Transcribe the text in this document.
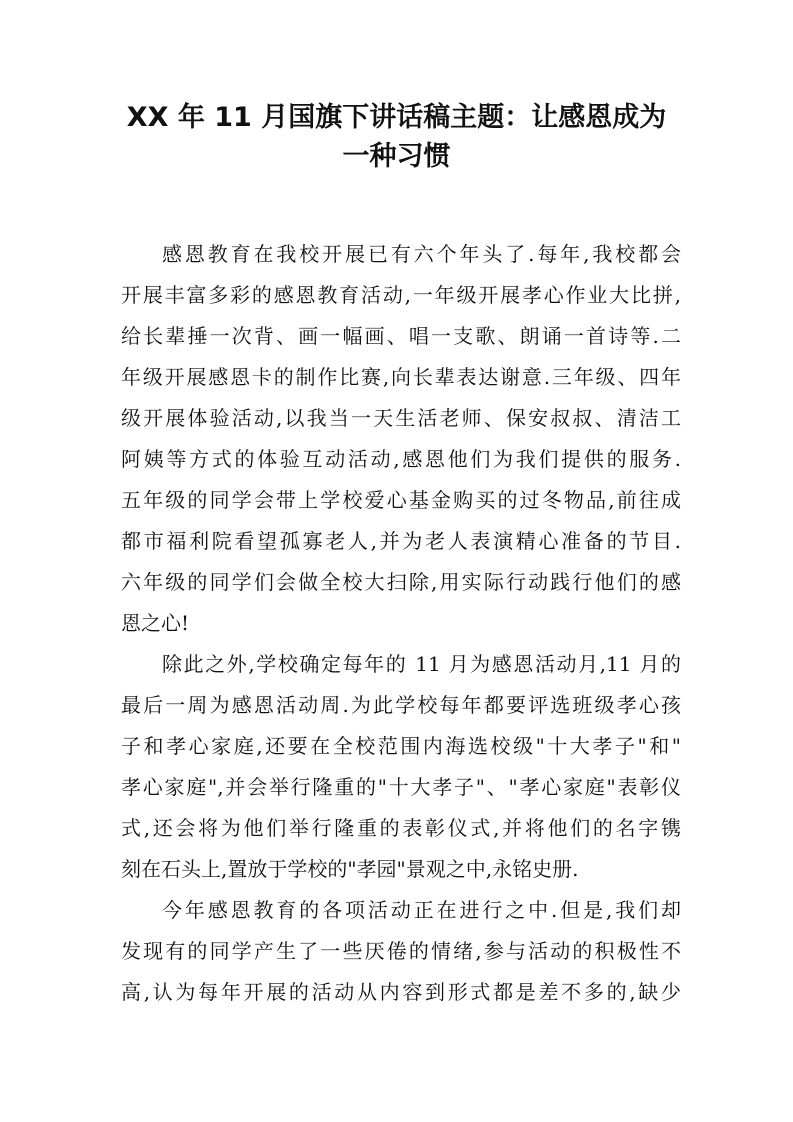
XX 年 11 月国旗下讲话稿主题：让感恩成为
一种习惯
感恩教育在我校开展已有六个年头了.每年,我校都会
开展丰富多彩的感恩教育活动,一年级开展孝心作业大比拼,
给长辈捶一次背、画一幅画、唱一支歌、朗诵一首诗等.二
年级开展感恩卡的制作比赛,向长辈表达谢意.三年级、四年
级开展体验活动,以我当一天生活老师、保安叔叔、清洁工
阿姨等方式的体验互动活动,感恩他们为我们提供的服务.
五年级的同学会带上学校爱心基金购买的过冬物品,前往成
都市福利院看望孤寡老人,并为老人表演精心准备的节目.
六年级的同学们会做全校大扫除,用实际行动践行他们的感
恩之心!
除此之外,学校确定每年的 11 月为感恩活动月,11 月的
最后一周为感恩活动周.为此学校每年都要评选班级孝心孩
子和孝心家庭,还要在全校范围内海选校级"十大孝子"和"
孝心家庭",并会举行隆重的"十大孝子"、"孝心家庭"表彰仪
式,还会将为他们举行隆重的表彰仪式,并将他们的名字镌
刻在石头上,置放于学校的"孝园"景观之中,永铭史册.
今年感恩教育的各项活动正在进行之中.但是,我们却
发现有的同学产生了一些厌倦的情绪,参与活动的积极性不
高,认为每年开展的活动从内容到形式都是差不多的,缺少
